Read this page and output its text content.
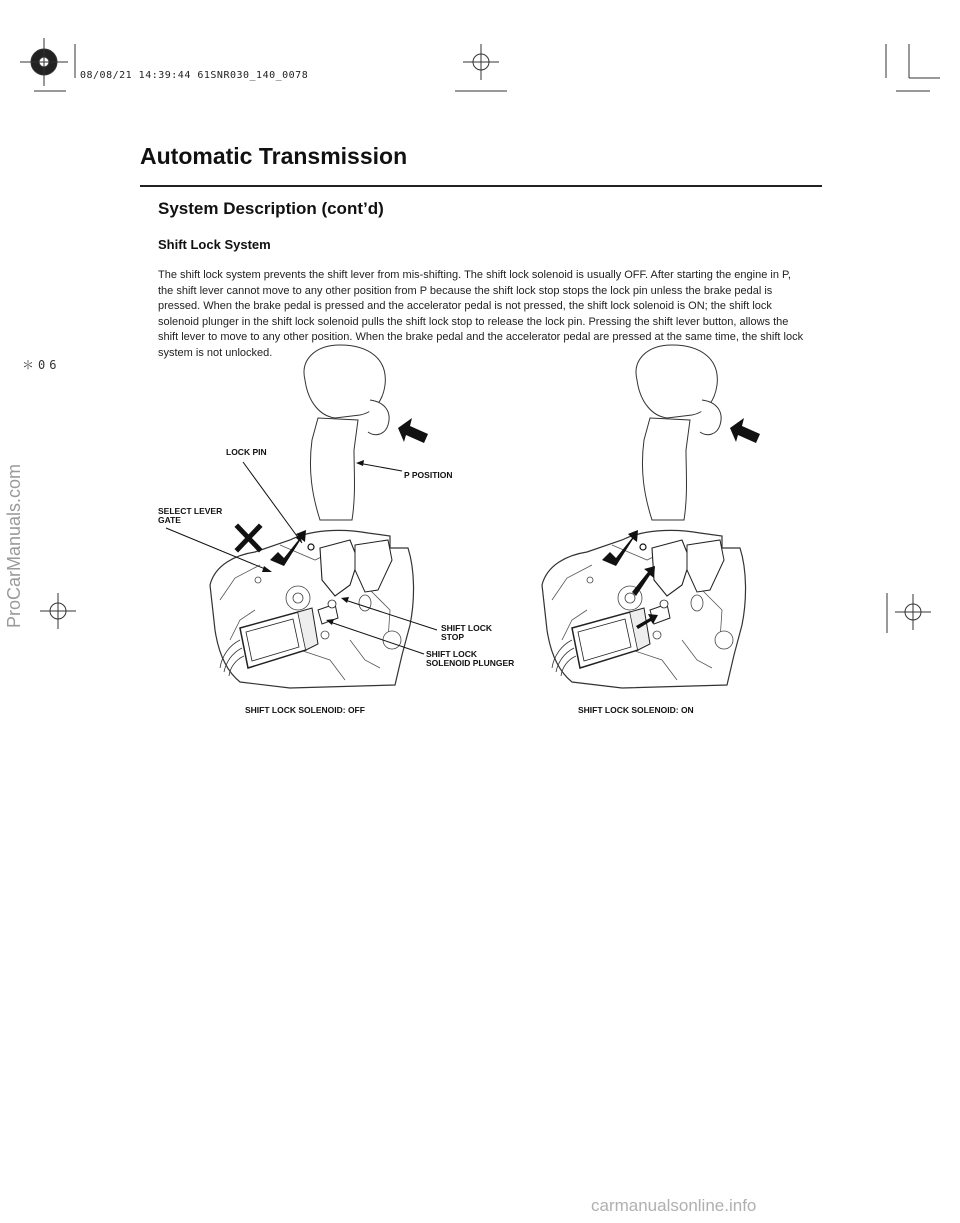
08/08/21 14:39:44 61SNR030_140_0078
Automatic Transmission
System Description (cont’d)
Shift Lock System
The shift lock system prevents the shift lever from mis-shifting. The shift lock solenoid is usually OFF. After starting the engine in P, the shift lever cannot move to any other position from P because the shift lock stop stops the lock pin unless the brake pedal is pressed. When the brake pedal is pressed and the accelerator pedal is not pressed, the shift lock solenoid is ON; the shift lock solenoid plunger in the shift lock solenoid pulls the shift lock stop to release the lock pin. Pressing the shift lever button, allows the shift lever to move to any other position. When the brake pedal and the accelerator pedal are pressed at the same time, the shift lock system is not unlocked.
＊06
ProCarManuals.com
LOCK PIN
P POSITION
SELECT LEVER
GATE
SHIFT LOCK
STOP
SHIFT LOCK
SOLENOID PLUNGER
SHIFT LOCK SOLENOID: OFF	SHIFT LOCK SOLENOID: ON
carmanualsonline.info
